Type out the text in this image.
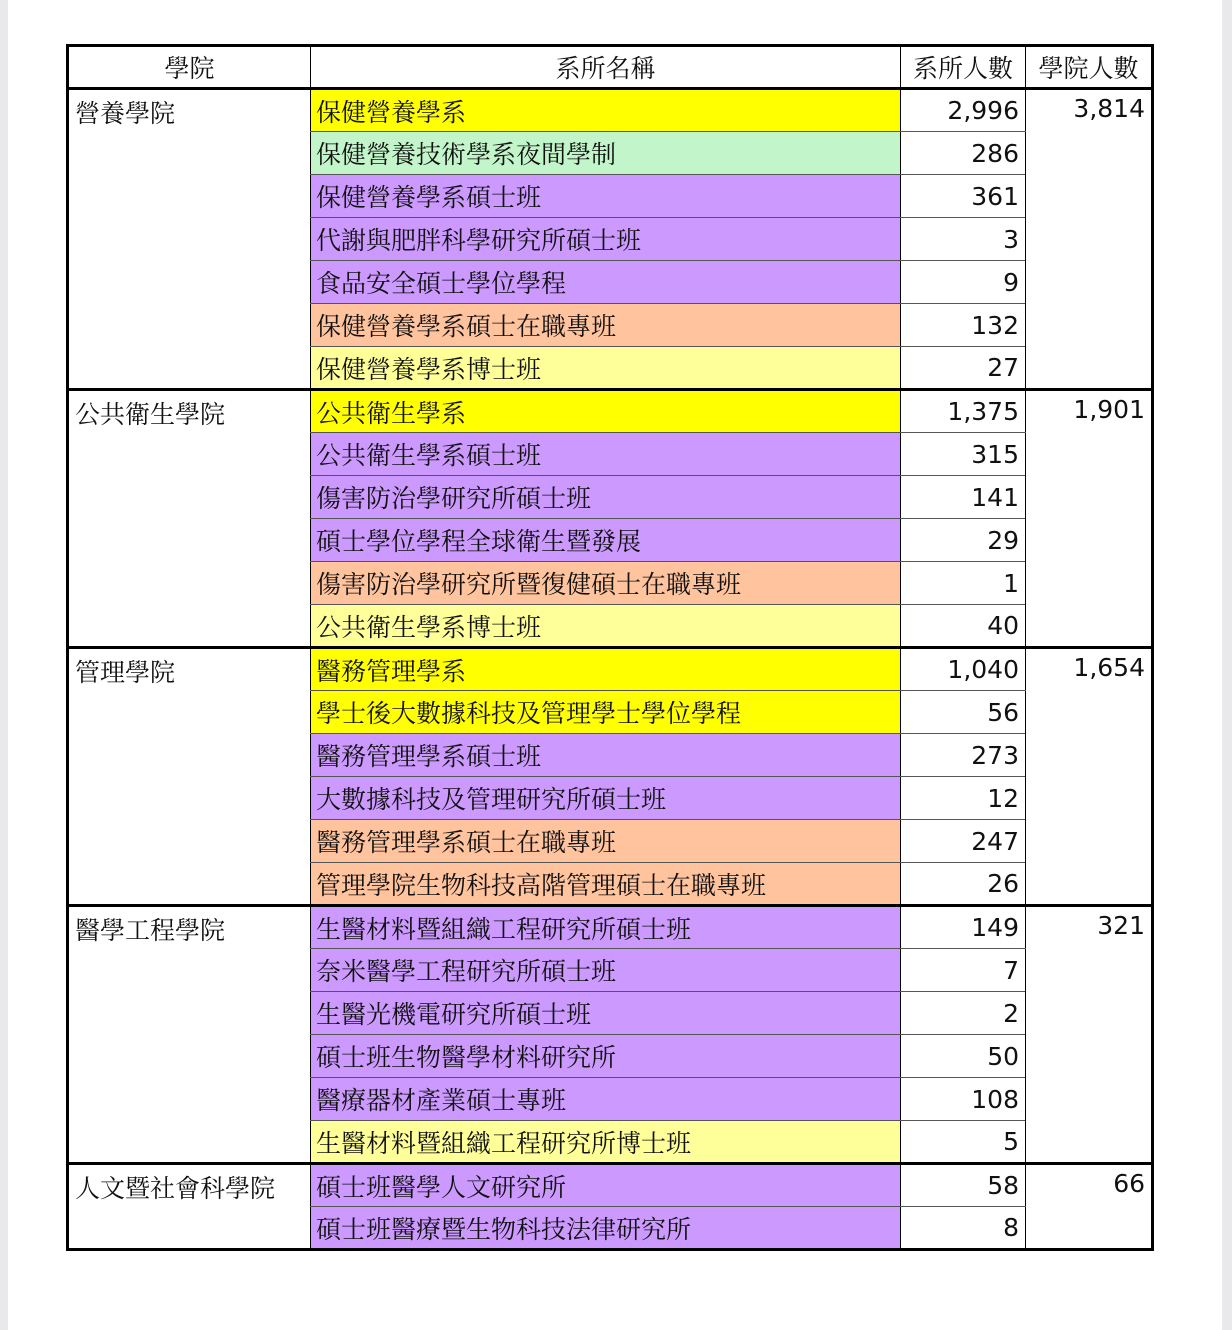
學院	系所名稱	系所人數	學院人數
營養學院	保健營養學系	2,996	3,814
	保健營養技術學系夜間學制	286	
	保健營養學系碩士班	361	
	代謝與肥胖科學研究所碩士班	3	
	食品安全碩士學位學程	9	
	保健營養學系碩士在職專班	132	
	保健營養學系博士班	27	
公共衛生學院	公共衛生學系	1,375	1,901
	公共衛生學系碩士班	315	
	傷害防治學研究所碩士班	141	
	碩士學位學程全球衛生暨發展	29	
	傷害防治學研究所暨復健碩士在職專班	1	
	公共衛生學系博士班	40	
管理學院	醫務管理學系	1,040	1,654
	學士後大數據科技及管理學士學位學程	56	
	醫務管理學系碩士班	273	
	大數據科技及管理研究所碩士班	12	
	醫務管理學系碩士在職專班	247	
	管理學院生物科技高階管理碩士在職專班	26	
醫學工程學院	生醫材料暨組織工程研究所碩士班	149	321
	奈米醫學工程研究所碩士班	7	
	生醫光機電研究所碩士班	2	
	碩士班生物醫學材料研究所	50	
	醫療器材產業碩士專班	108	
	生醫材料暨組織工程研究所博士班	5	
人文暨社會科學院	碩士班醫學人文研究所	58	66
	碩士班醫療暨生物科技法律研究所	8	
